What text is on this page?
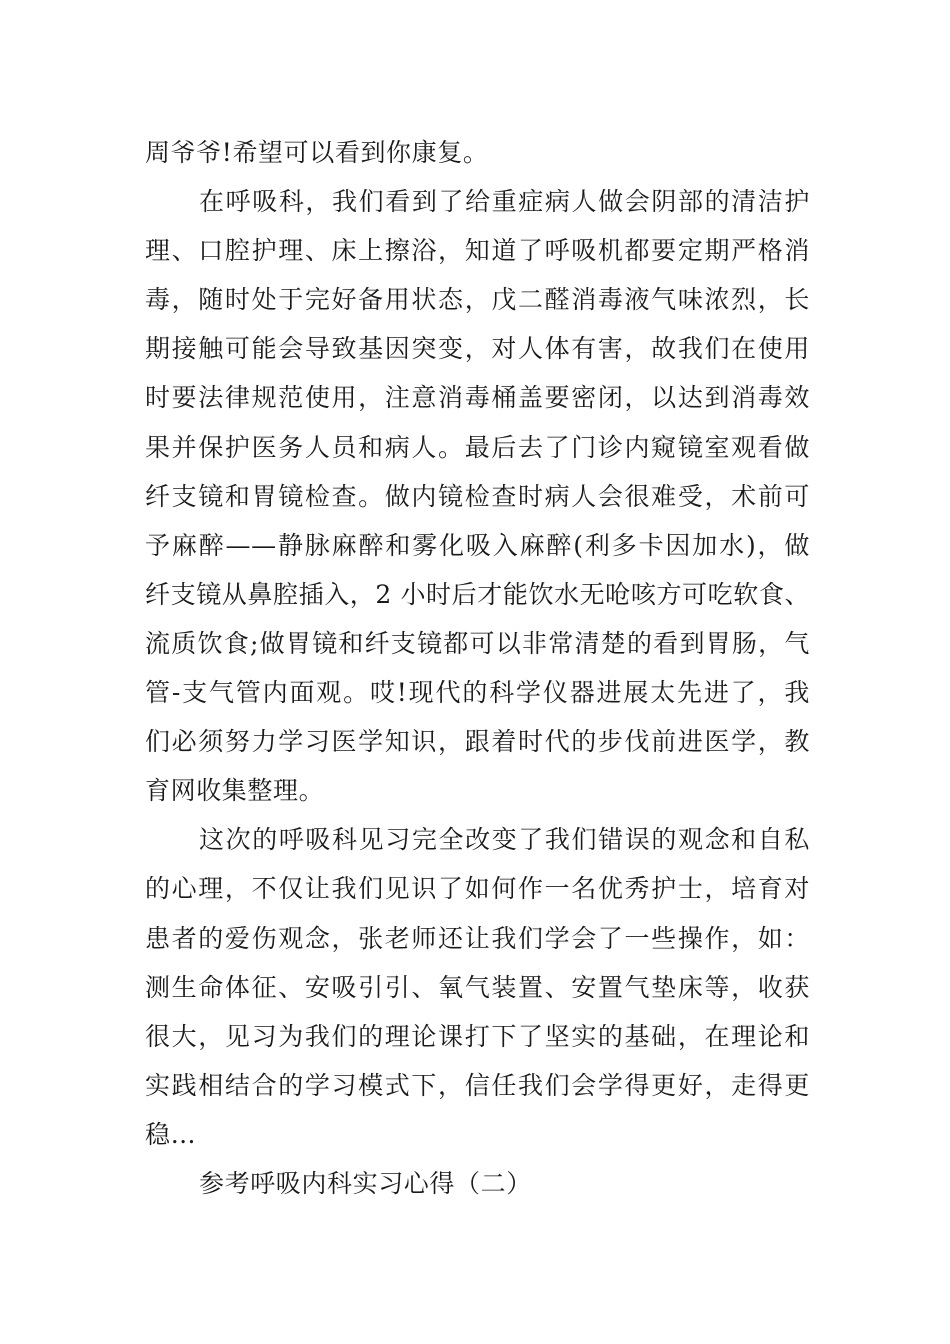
周爷爷!希望可以看到你康复。
在呼吸科，我们看到了给重症病人做会阴部的清洁护
理、口腔护理、床上擦浴，知道了呼吸机都要定期严格消
毒，随时处于完好备用状态，戊二醛消毒液气味浓烈，长
期接触可能会导致基因突变，对人体有害，故我们在使用
时要法律规范使用，注意消毒桶盖要密闭，以达到消毒效
果并保护医务人员和病人。最后去了门诊内窥镜室观看做
纤支镜和胃镜检查。做内镜检查时病人会很难受，术前可
予麻醉——静脉麻醉和雾化吸入麻醉(利多卡因加水)，做
纤支镜从鼻腔插入，2 小时后才能饮水无呛咳方可吃软食、
流质饮食;做胃镜和纤支镜都可以非常清楚的看到胃肠，气
管-支气管内面观。哎!现代的科学仪器进展太先进了，我
们必须努力学习医学知识，跟着时代的步伐前进医学，教
育网收集整理。
这次的呼吸科见习完全改变了我们错误的观念和自私
的心理，不仅让我们见识了如何作一名优秀护士，培育对
患者的爱伤观念，张老师还让我们学会了一些操作，如：
测生命体征、安吸引引、氧气装置、安置气垫床等，收获
很大，见习为我们的理论课打下了坚实的基础，在理论和
实践相结合的学习模式下，信任我们会学得更好，走得更
稳…
参考呼吸内科实习心得（二）
